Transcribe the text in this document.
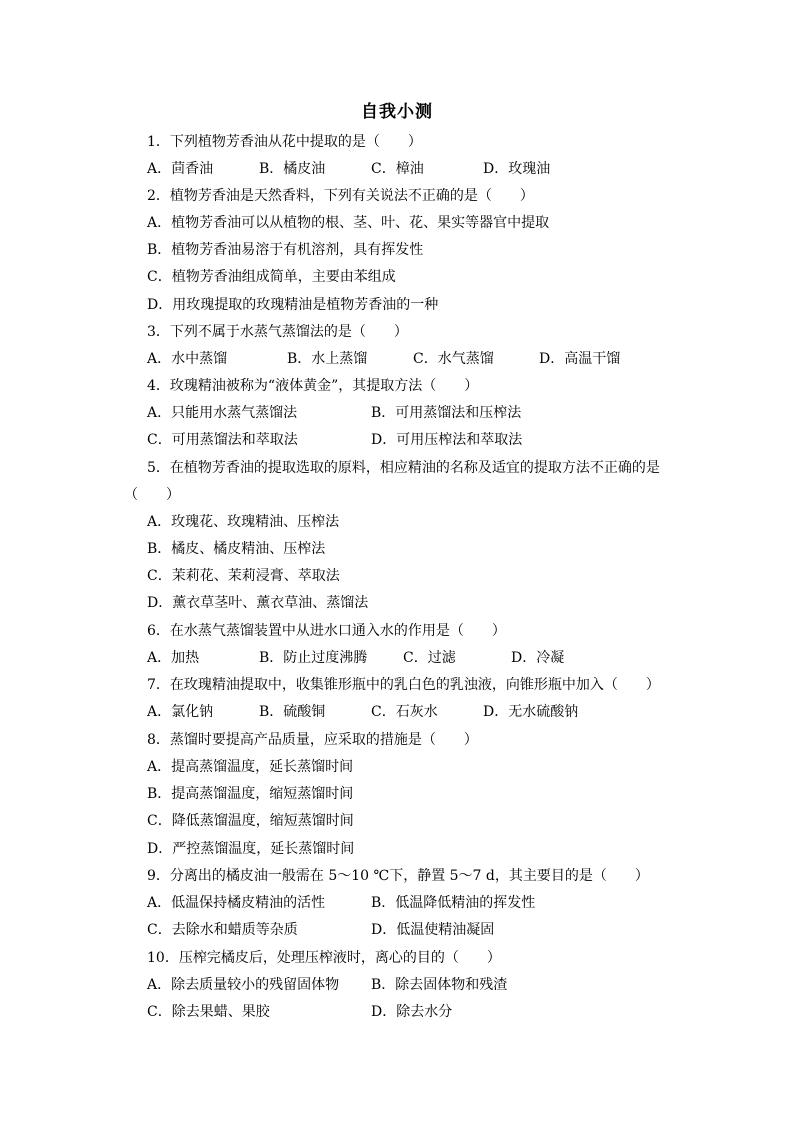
自我小测
1．下列植物芳香油从花中提取的是（　　）
A．茴香油	B．橘皮油	C．樟油	D．玫瑰油
2．植物芳香油是天然香料，下列有关说法不正确的是（　　）
A．植物芳香油可以从植物的根、茎、叶、花、果实等器官中提取
B．植物芳香油易溶于有机溶剂，具有挥发性
C．植物芳香油组成简单，主要由苯组成
D．用玫瑰提取的玫瑰精油是植物芳香油的一种
3．下列不属于水蒸气蒸馏法的是（　　）
A．水中蒸馏	B．水上蒸馏	C．水气蒸馏	D．高温干馏
4．玫瑰精油被称为“液体黄金”，其提取方法（　　）
A．只能用水蒸气蒸馏法	B．可用蒸馏法和压榨法
C．可用蒸馏法和萃取法	D．可用压榨法和萃取法
5．在植物芳香油的提取选取的原料，相应精油的名称及适宜的提取方法不正确的是
（　　）
A．玫瑰花、玫瑰精油、压榨法
B．橘皮、橘皮精油、压榨法
C．茉莉花、茉莉浸膏、萃取法
D．薰衣草茎叶、薰衣草油、蒸馏法
6．在水蒸气蒸馏装置中从进水口通入水的作用是（　　）
A．加热	B．防止过度沸腾	C．过滤	D．冷凝
7．在玫瑰精油提取中，收集锥形瓶中的乳白色的乳浊液，向锥形瓶中加入（　　）
A．氯化钠	B．硫酸铜	C．石灰水	D．无水硫酸钠
8．蒸馏时要提高产品质量，应采取的措施是（　　）
A．提高蒸馏温度，延长蒸馏时间
B．提高蒸馏温度，缩短蒸馏时间
C．降低蒸馏温度，缩短蒸馏时间
D．严控蒸馏温度，延长蒸馏时间
9．分离出的橘皮油一般需在 5～10 ℃下，静置 5～7 d，其主要目的是（　　）
A．低温保持橘皮精油的活性	B．低温降低精油的挥发性
C．去除水和蜡质等杂质	D．低温使精油凝固
10．压榨完橘皮后，处理压榨液时，离心的目的（　　）
A．除去质量较小的残留固体物 B．除去固体物和残渣
C．除去果蜡、果胶	D．除去水分
